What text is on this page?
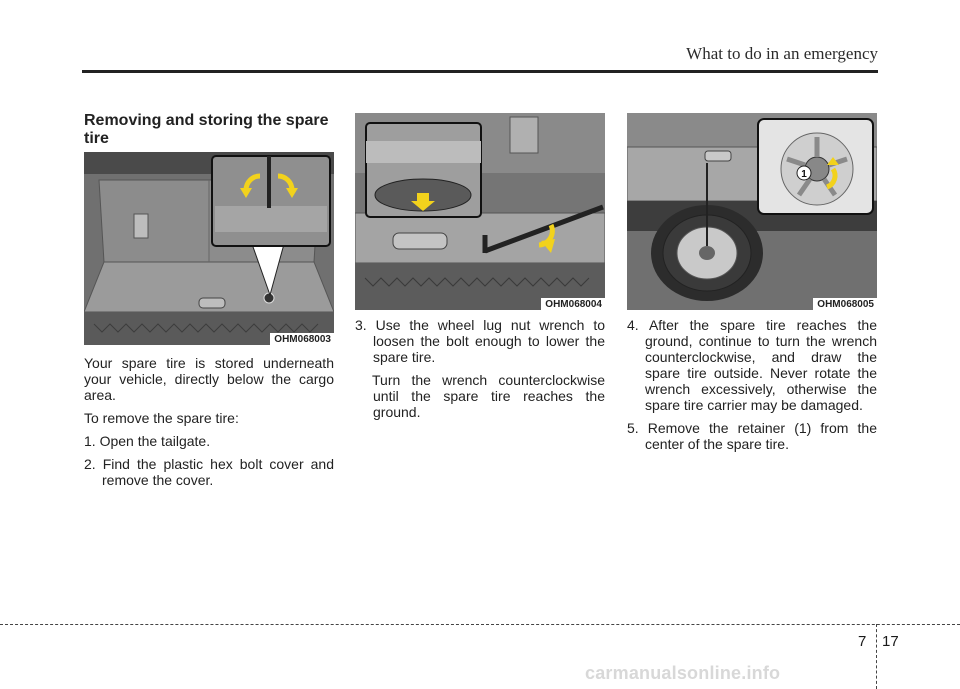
What to do in an emergency
Removing and storing the spare tire
OHM068003
OHM068004
1
OHM068005

Your spare tire is stored underneath your vehicle, directly below the cargo area.

To remove the spare tire:

1. Open the tailgate.

2. Find the plastic hex bolt cover and remove the cover.

3. Use the wheel lug nut wrench to loosen the bolt enough to lower the spare tire.

Turn the wrench counterclockwise until the spare tire reaches the ground.

4. After the spare tire reaches the ground, continue to turn the wrench counterclockwise, and draw the spare tire outside. Never rotate the wrench excessively, otherwise the spare tire carrier may be damaged.

5. Remove the retainer (1) from the center of the spare tire.

7 17
carmanualsonline.info
